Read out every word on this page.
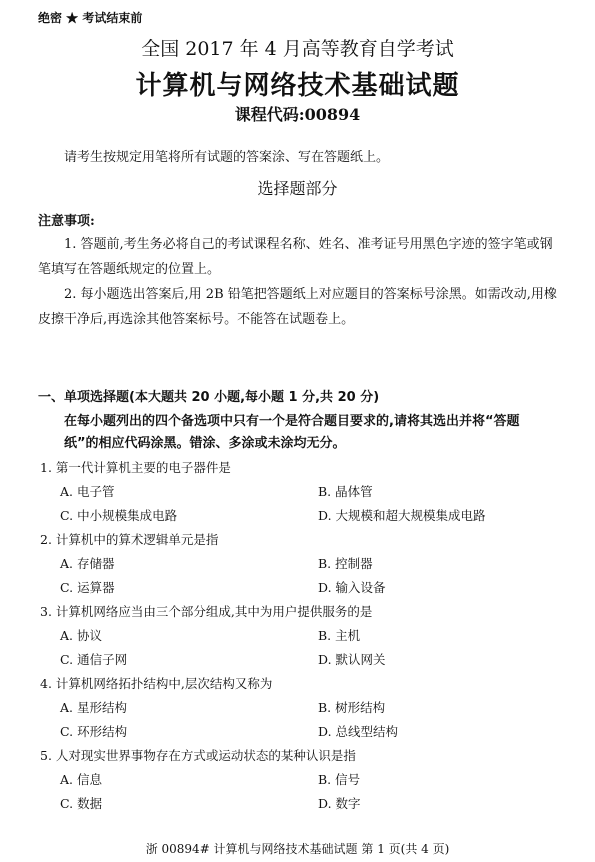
绝密 ★ 考试结束前
全国 2017 年 4 月高等教育自学考试
计算机与网络技术基础试题
课程代码:00894
请考生按规定用笔将所有试题的答案涂、写在答题纸上。
选择题部分
注意事项:
1. 答题前,考生务必将自己的考试课程名称、姓名、准考证号用黑色字迹的签字笔或钢笔填写在答题纸规定的位置上。
2. 每小题选出答案后,用 2B 铅笔把答题纸上对应题目的答案标号涂黑。如需改动,用橡皮擦干净后,再选涂其他答案标号。不能答在试题卷上。
一、单项选择题(本大题共 20 小题,每小题 1 分,共 20 分)
在每小题列出的四个备选项中只有一个是符合题目要求的,请将其选出并将“答题
纸”的相应代码涂黑。错涂、多涂或未涂均无分。
1. 第一代计算机主要的电子器件是
A. 电子管	B. 晶体管
C. 中小规模集成电路	D. 大规模和超大规模集成电路
2. 计算机中的算术逻辑单元是指
A. 存储器	B. 控制器
C. 运算器	D. 输入设备
3. 计算机网络应当由三个部分组成,其中为用户提供服务的是
A. 协议	B. 主机
C. 通信子网	D. 默认网关
4. 计算机网络拓扑结构中,层次结构又称为
A. 星形结构	B. 树形结构
C. 环形结构	D. 总线型结构
5. 人对现实世界事物存在方式或运动状态的某种认识是指
A. 信息	B. 信号
C. 数据	D. 数字
浙 00894# 计算机与网络技术基础试题 第 1 页(共 4 页)
